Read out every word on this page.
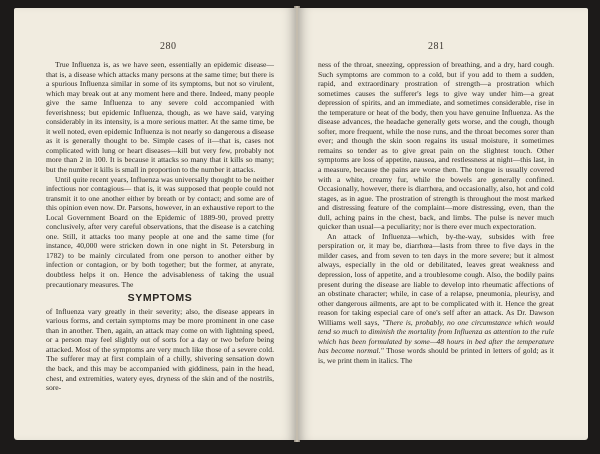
280

True Influenza is, as we have seen, essentially an epidemic disease—that is, a disease which attacks many persons at the same time; but there is a spurious Influenza similar in some of its symptoms, but not so virulent, which may break out at any moment here and there. Indeed, many people give the same Influenza to any severe cold accompanied with feverishness; but epidemic Influenza, though, as we have said, varying considerably in its intensity, is a more serious matter. At the same time, be it well noted, even epidemic Influenza is not nearly so dangerous a disease as it is generally thought to be. Simple cases of it—that is, cases not complicated with lung or heart diseases—kill but very few, probably not more than 2 in 100. It is because it attacks so many that it kills so many; but the number it kills is small in proportion to the number it attacks.

Until quite recent years, Influenza was universally thought to be neither infectious nor contagious— that is, it was supposed that people could not transmit it to one another either by breath or by contact; and some are of this opinion even now. Dr. Parsons, however, in an exhaustive report to the Local Government Board on the Epidemic of 1889-90, proved pretty conclusively, after very careful observations, that the disease is a catching one. Still, it attacks too many people at one and the same time (for instance, 40,000 were stricken down in one night in St. Petersburg in 1782) to be mainly circulated from one person to another either by infection or contagion, or by both together; but the former, at anyrate, doubtless helps it on. Hence the advisableness of taking the usual precautionary measures. The

SYMPTOMS

of Influenza vary greatly in their severity; also, the disease appears in various forms, and certain symptoms may be more prominent in one case than in another. Then, again, an attack may come on with lightning speed, or a person may feel slightly out of sorts for a day or two before being attacked. Most of the symptoms are very much like those of a severe cold. The sufferer may at first complain of a chilly, shivering sensation down the back, and this may be accompanied with giddiness, pain in the head, chest, and extremities, watery eyes, dryness of the skin and of the nostrils, sore-

281

ness of the throat, sneezing, oppression of breathing, and a dry, hard cough. Such symptoms are common to a cold, but if you add to them a sudden, rapid, and extraordinary prostration of strength—a prostration which sometimes causes the sufferer's legs to give way under him—a great depression of spirits, and an immediate, and sometimes considerable, rise in the temperature or heat of the body, then you have genuine Influenza. As the disease advances, the headache generally gets worse, and the cough, though softer, more frequent, while the nose runs, and the throat becomes sorer than ever; and though the skin soon regains its usual moisture, it sometimes remains so tender as to give great pain on the slightest touch. Other symptoms are loss of appetite, nausea, and restlessness at night—this last, in a measure, because the pains are worse then. The tongue is usually covered with a white, creamy fur, while the bowels are generally confined. Occasionally, however, there is diarrhœa, and occasionally, also, hot and cold stages, as in ague. The prostration of strength is throughout the most marked and distressing feature of the complaint—more distressing, even, than the dull, aching pains in the chest, back, and limbs. The pulse is never much quicker than usual—a peculiarity; nor is there ever much expectoration.

An attack of Influenza—which, by-the-way, subsides with free perspiration or, it may be, diarrhœa—lasts from three to five days in the milder cases, and from seven to ten days in the more severe; but it almost always, especially in the old or debilitated, leaves great weakness and depression, loss of appetite, and a troublesome cough. Also, the bodily pains present during the disease are liable to develop into rheumatic affections of an obstinate character; while, in case of a relapse, pneumonia, pleurisy, and other dangerous ailments, are apt to be complicated with it. Hence the great reason for taking especial care of one's self after an attack. As Dr. Dawson Williams well says, "There is, probably, no one circumstance which would tend so much to diminish the mortality from Influenza as attention to the rule which has been formulated by some—48 hours in bed after the temperature has become normal." Those words should be printed in letters of gold; as it is, we print them in italics. The
